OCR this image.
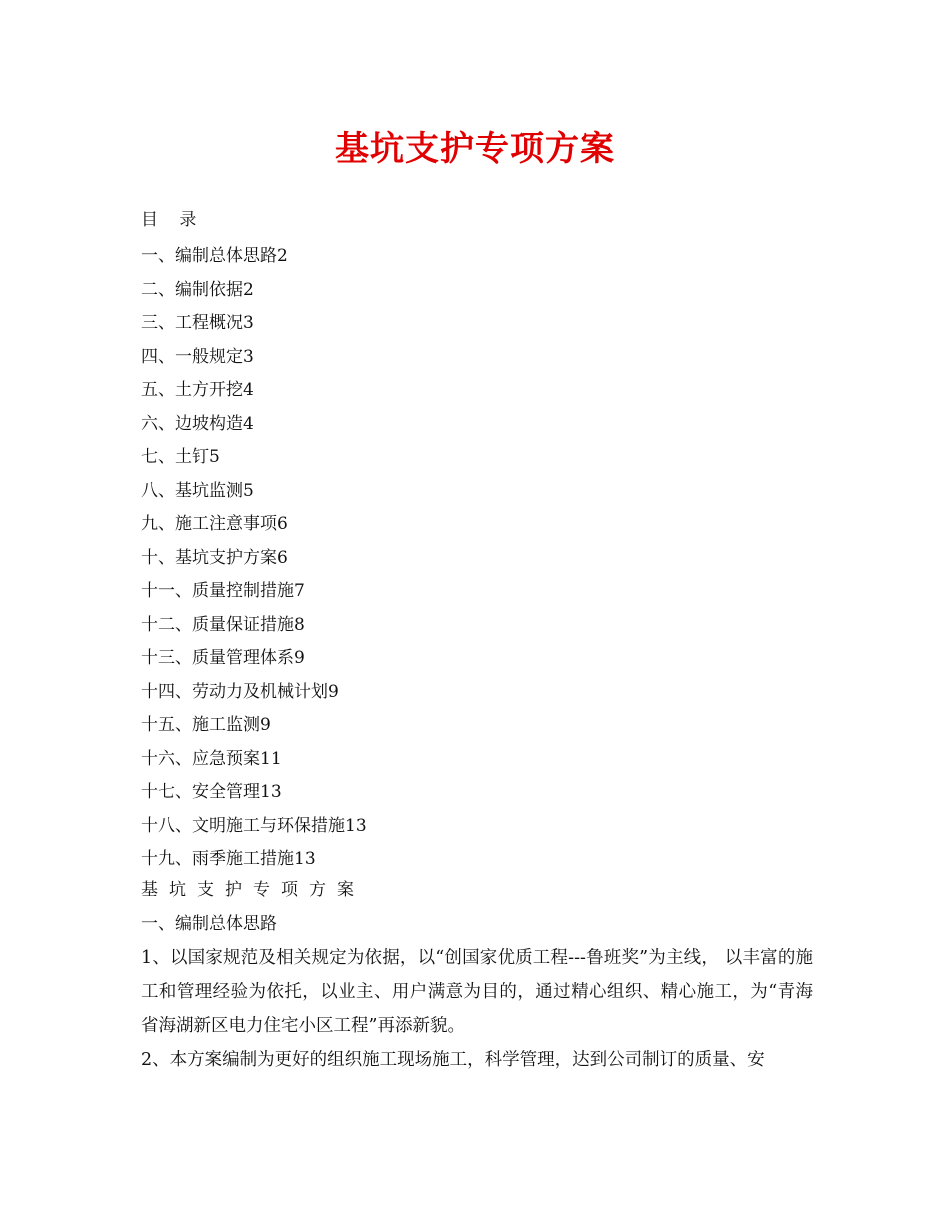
基坑支护专项方案
目 录
一、编制总体思路2
二、编制依据2
三、工程概况3
四、一般规定3
五、土方开挖4
六、边坡构造4
七、土钉5
八、基坑监测5
九、施工注意事项6
十、基坑支护方案6
十一、质量控制措施7
十二、质量保证措施8
十三、质量管理体系9
十四、劳动力及机械计划9
十五、施工监测9
十六、应急预案11
十七、安全管理13
十八、文明施工与环保措施13
十九、雨季施工措施13
基坑支护专项方案
一、编制总体思路
1、以国家规范及相关规定为依据，以“创国家优质工程---鲁班奖”为主线， 以丰富的施工和管理经验为依托，以业主、用户满意为目的，通过精心组织、精心施工，为“青海省海湖新区电力住宅小区工程”再添新貌。
2、本方案编制为更好的组织施工现场施工，科学管理，达到公司制订的质量、安
